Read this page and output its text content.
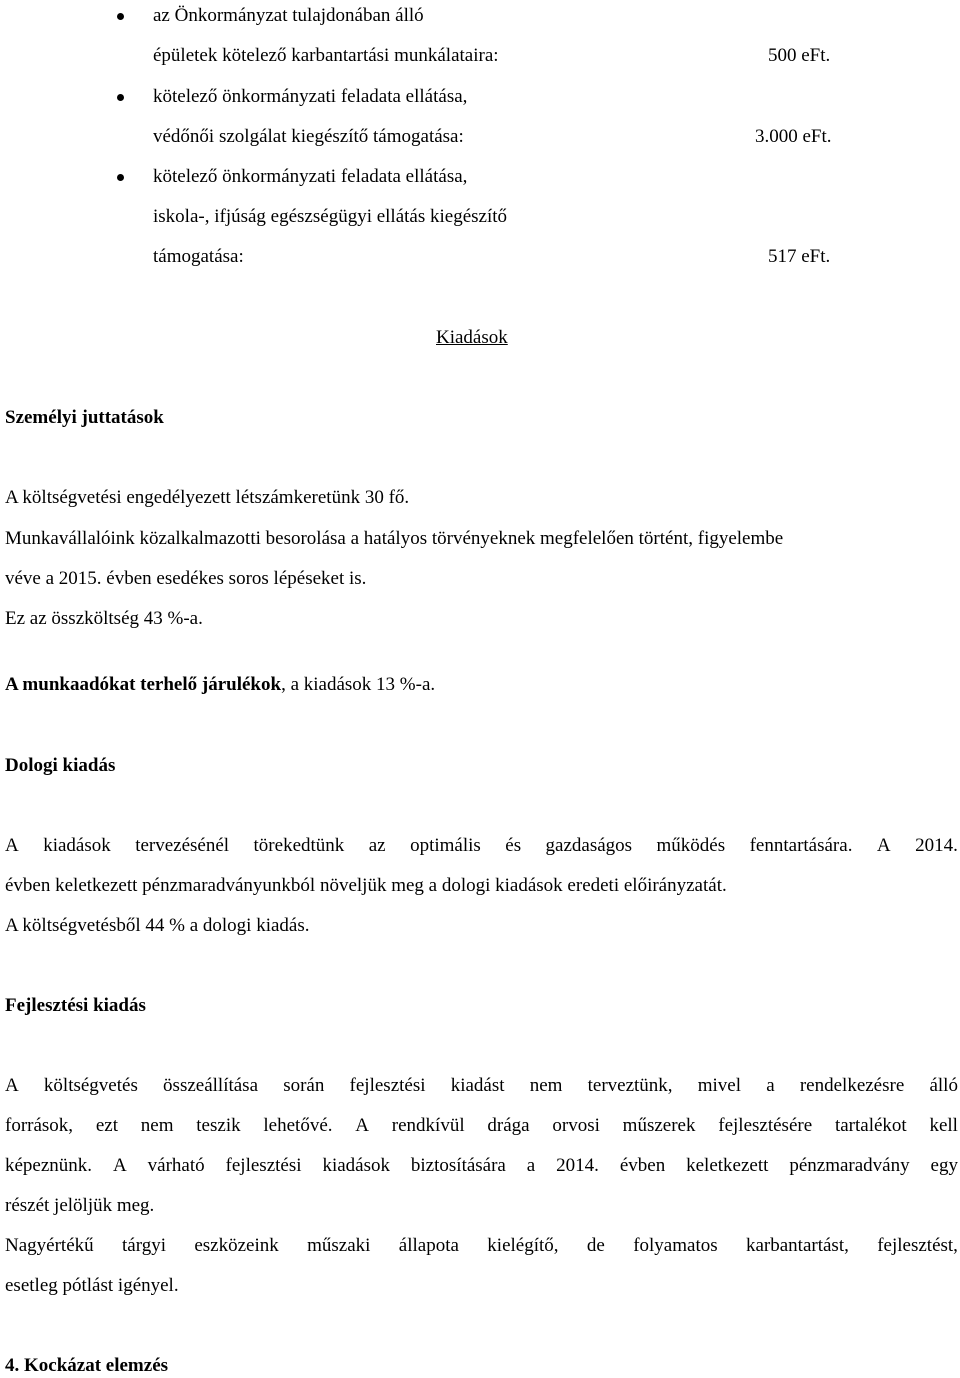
az Önkormányzat tulajdonában álló
épületek kötelező karbantartási munkálataira:	500 eFt.
kötelező önkormányzati feladata ellátása,
védőnői szolgálat kiegészítő támogatása:	3.000 eFt.
kötelező önkormányzati feladata ellátása,
iskola-, ifjúság egészségügyi ellátás kiegészítő
támogatása:	517 eFt.
Kiadások
Személyi juttatások
A költségvetési engedélyezett létszámkeretünk 30 fő.
Munkavállalóink közalkalmazotti besorolása a hatályos törvényeknek megfelelően történt, figyelembe
véve a 2015. évben esedékes soros lépéseket is.
Ez az összköltség 43 %-a.
A munkaadókat terhelő járulékok, a kiadások 13 %-a.
Dologi kiadás
A kiadások tervezésénél törekedtünk az optimális és gazdaságos működés fenntartására. A 2014.
évben keletkezett pénzmaradványunkból növeljük meg a dologi kiadások eredeti előirányzatát.
A költségvetésből 44 % a dologi kiadás.
Fejlesztési kiadás
A költségvetés összeállítása során fejlesztési kiadást nem terveztünk, mivel a rendelkezésre álló
források, ezt nem teszik lehetővé. A rendkívül drága orvosi műszerek fejlesztésére tartalékot kell
képeznünk. A várható fejlesztési kiadások biztosítására a 2014. évben keletkezett pénzmaradvány egy
részét jelöljük meg.
Nagyértékű tárgyi eszközeink műszaki állapota kielégítő, de folyamatos karbantartást, fejlesztést,
esetleg pótlást igényel.
4. Kockázat elemzés
